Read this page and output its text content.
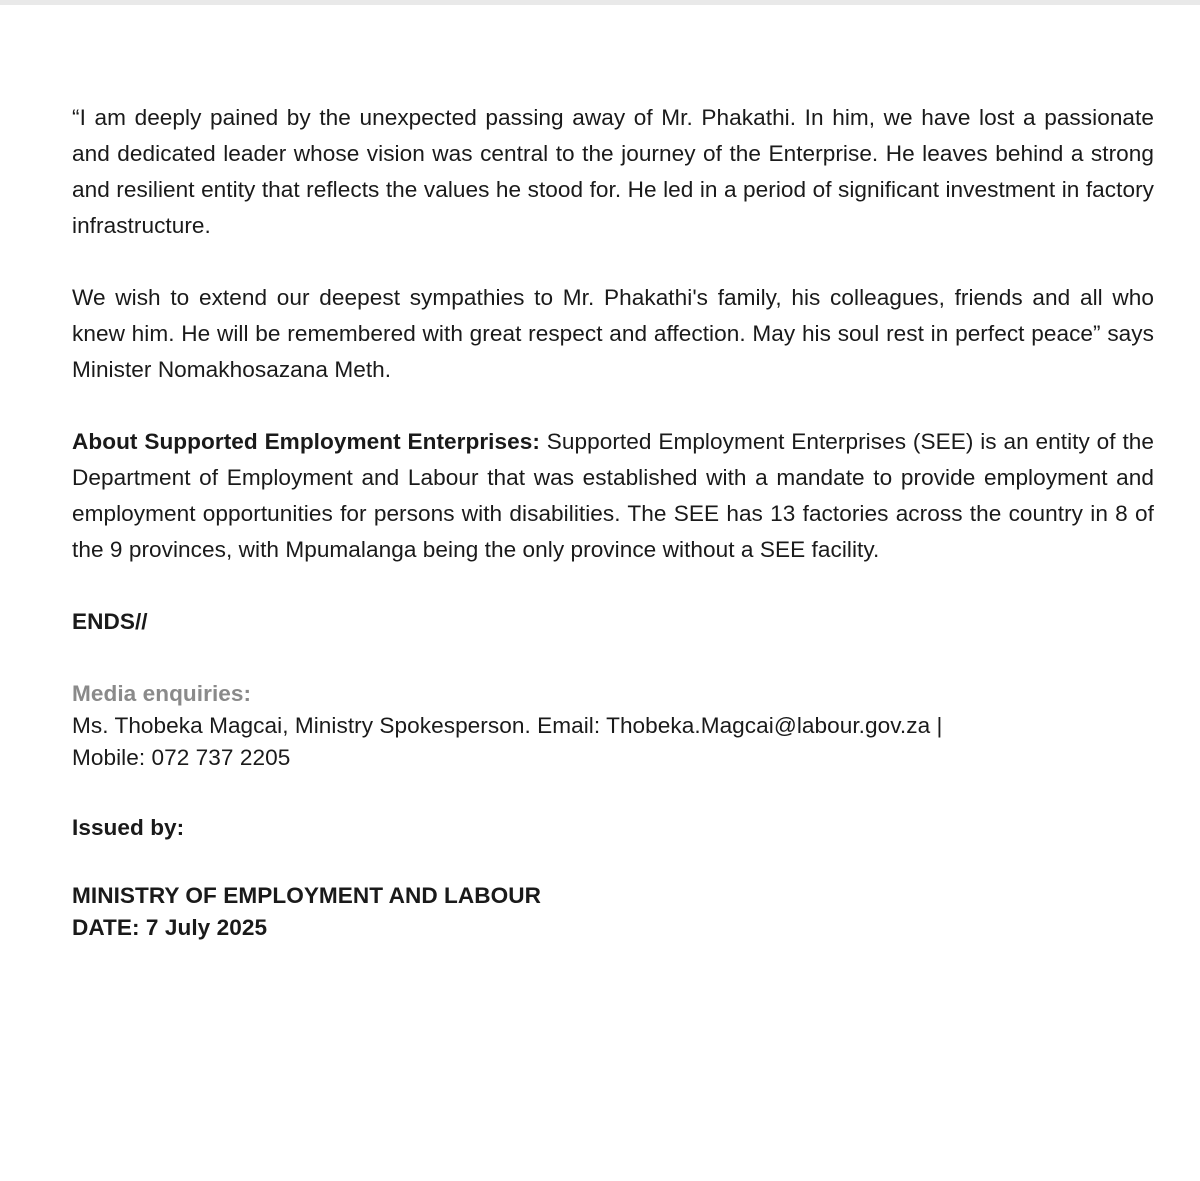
“I am deeply pained by the unexpected passing away of Mr. Phakathi. In him, we have lost a passionate and dedicated leader whose vision was central to the journey of the Enterprise. He leaves behind a strong and resilient entity that reflects the values he stood for. He led in a period of significant investment in factory infrastructure.

We wish to extend our deepest sympathies to Mr. Phakathi's family, his colleagues, friends and all who knew him. He will be remembered with great respect and affection. May his soul rest in perfect peace” says Minister Nomakhosazana Meth.

About Supported Employment Enterprises: Supported Employment Enterprises (SEE) is an entity of the Department of Employment and Labour that was established with a mandate to provide employment and employment opportunities for persons with disabilities. The SEE has 13 factories across the country in 8 of the 9 provinces, with Mpumalanga being the only province without a SEE facility.

ENDS//
Media enquiries:
Ms. Thobeka Magcai, Ministry Spokesperson. Email: Thobeka.Magcai@labour.gov.za |
Mobile: 072 737 2205
Issued by:
MINISTRY OF EMPLOYMENT AND LABOUR
DATE: 7 July 2025
